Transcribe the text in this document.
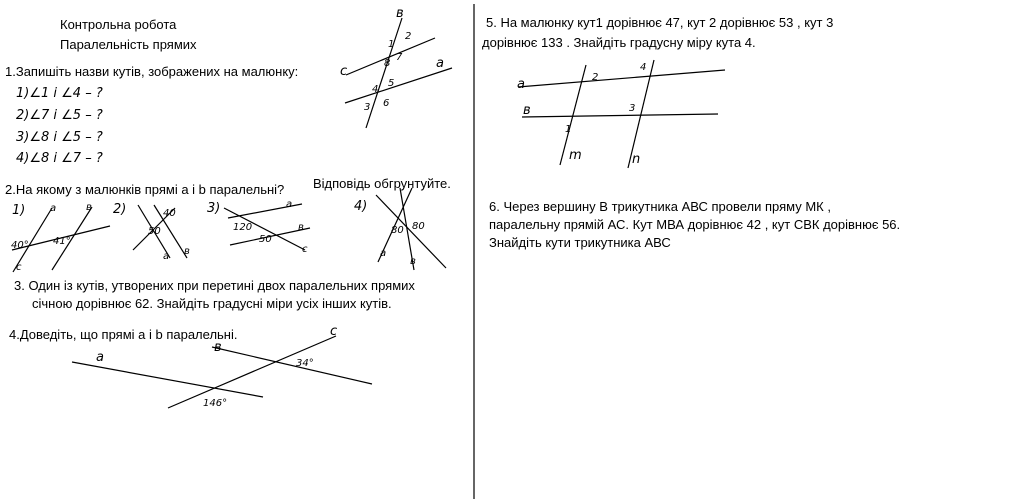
Контрольна робота
Паралельність прямих
1.Запишіть назви кутів, зображених на малюнку:
1)∠1 і ∠4 – ?
2)∠7 і ∠5 – ?
3)∠8 і ∠5 – ?
4)∠8 і ∠7 – ?
в
с
а
1
2
8
7
4
5
3 6
2.На якому з малюнків прямі а і b паралельні? Відповідь обгрунтуйте.
1) а	в
с
40° 41°
2)
а в
50
40 3)	а
в
с
120
50
4)
а
в
80 80
3. Один із кутів, утворених при перетині двох паралельних прямих
січною дорівнює 62. Знайдіть градусні міри усіх інших кутів.
4.Доведіть, що прямі а і b паралельні.
а
в
с
34°
146°
5. На малюнку кут1 дорівнює 47, кут 2 дорівнює 53 , кут 3
дорівнює 133 . Знайдіть градусну міру кута 4.
а
в
m	n
2
4
3
1
6. Через вершину В трикутника АВС провели пряму МК ,
паралельну прямій АС. Кут МВА дорівнює 42 , кут СВК дорівнює 56.
Знайдіть кути трикутника АВС
